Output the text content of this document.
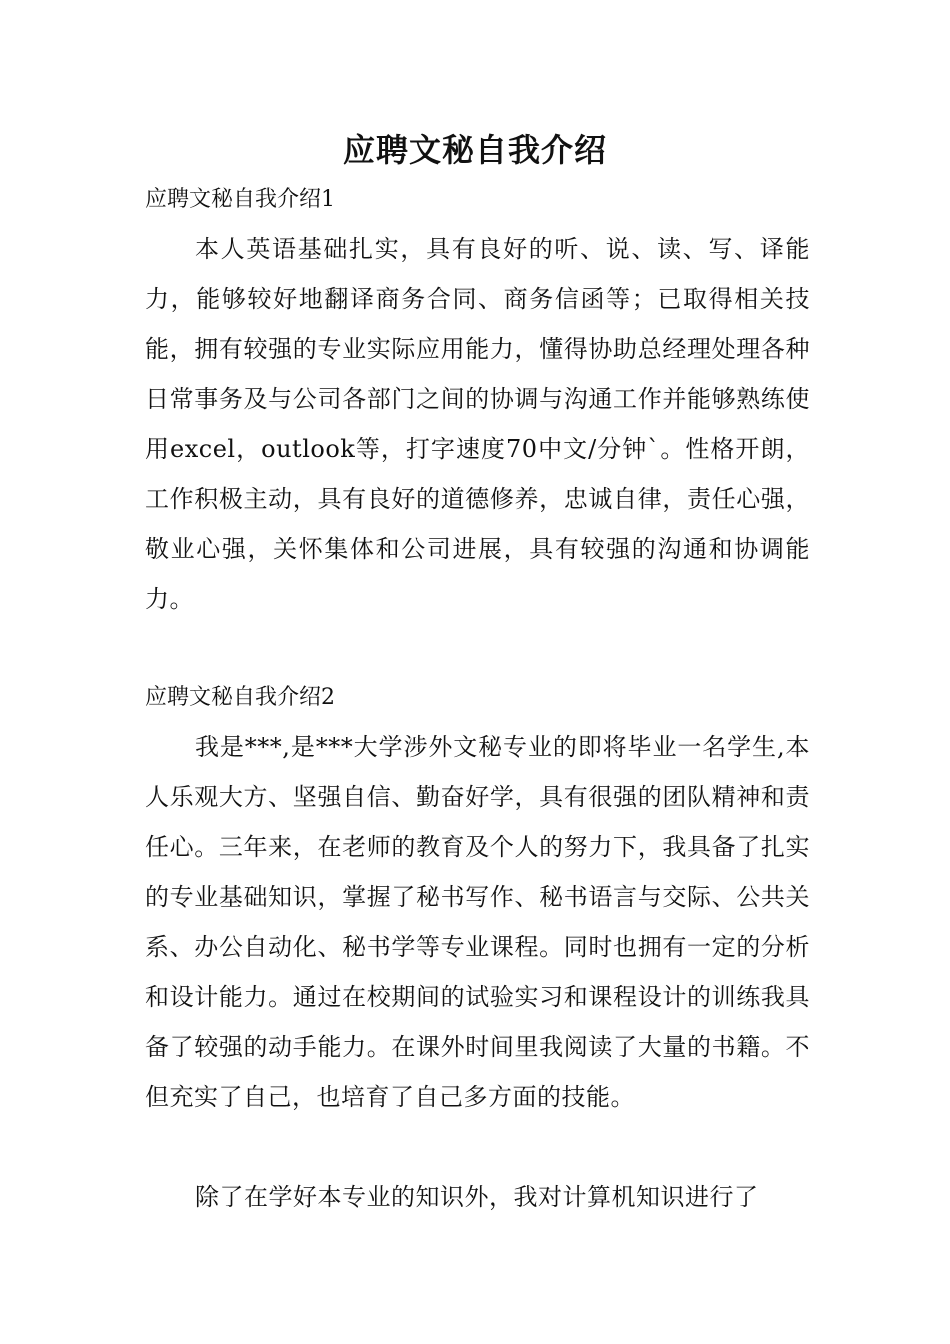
应聘文秘自我介绍
应聘文秘自我介绍1
本人英语基础扎实，具有良好的听、说、读、写、译能力，能够较好地翻译商务合同、商务信函等；已取得相关技能，拥有较强的专业实际应用能力，懂得协助总经理处理各种日常事务及与公司各部门之间的协调与沟通工作并能够熟练使用excel，outlook等，打字速度70中文/分钟`。性格开朗，工作积极主动，具有良好的道德修养，忠诚自律，责任心强，敬业心强，关怀集体和公司进展，具有较强的沟通和协调能力。
应聘文秘自我介绍2
我是***,是***大学涉外文秘专业的即将毕业一名学生,本人乐观大方、坚强自信、勤奋好学，具有很强的团队精神和责任心。三年来，在老师的教育及个人的努力下，我具备了扎实的专业基础知识，掌握了秘书写作、秘书语言与交际、公共关系、办公自动化、秘书学等专业课程。同时也拥有一定的分析和设计能力。通过在校期间的试验实习和课程设计的训练我具备了较强的动手能力。在课外时间里我阅读了大量的书籍。不但充实了自己，也培育了自己多方面的技能。
除了在学好本专业的知识外，我对计算机知识进行了
